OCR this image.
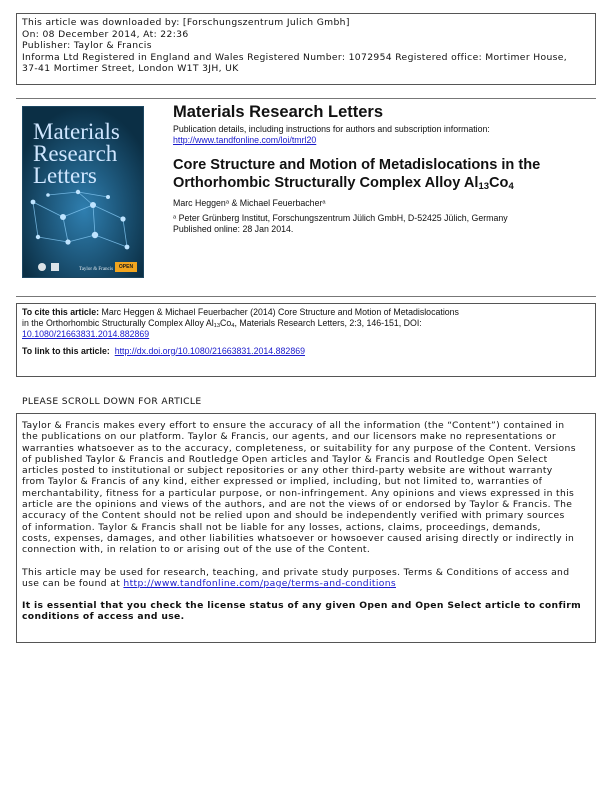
This article was downloaded by: [Forschungszentrum Julich Gmbh]
On: 08 December 2014, At: 22:36
Publisher: Taylor & Francis
Informa Ltd Registered in England and Wales Registered Number: 1072954 Registered office: Mortimer House,
37-41 Mortimer Street, London W1T 3JH, UK
Materials
Research
Letters
Taylor & Francis	OPEN
Materials Research Letters
Publication details, including instructions for authors and subscription information:
http://www.tandfonline.com/loi/tmrl20
Core Structure and Motion of Metadislocations in the
Orthorhombic Structurally Complex Alloy $Al_{13}Co_4$
Marc Heggen$^a$ & Michael Feuerbacher$^a$
$^a$ Peter Grünberg Institut, Forschungszentrum Jülich GmbH, D-52425 Jülich, Germany
Published online: 28 Jan 2014.
To cite this article: Marc Heggen & Michael Feuerbacher (2014) Core Structure and Motion of Metadislocations
in the Orthorhombic Structurally Complex Alloy $Al_{13}Co_4$, Materials Research Letters, 2:3, 146-151, DOI:
10.1080/21663831.2014.882869
To link to this article: http://dx.doi.org/10.1080/21663831.2014.882869
PLEASE SCROLL DOWN FOR ARTICLE
Taylor & Francis makes every effort to ensure the accuracy of all the information (the “Content”) contained in
the publications on our platform. Taylor & Francis, our agents, and our licensors make no representations or
warranties whatsoever as to the accuracy, completeness, or suitability for any purpose of the Content. Versions
of published Taylor & Francis and Routledge Open articles and Taylor & Francis and Routledge Open Select
articles posted to institutional or subject repositories or any other third-party website are without warranty
from Taylor & Francis of any kind, either expressed or implied, including, but not limited to, warranties of
merchantability, fitness for a particular purpose, or non-infringement. Any opinions and views expressed in this
article are the opinions and views of the authors, and are not the views of or endorsed by Taylor & Francis. The
accuracy of the Content should not be relied upon and should be independently verified with primary sources
of information. Taylor & Francis shall not be liable for any losses, actions, claims, proceedings, demands,
costs, expenses, damages, and other liabilities whatsoever or howsoever caused arising directly or indirectly in
connection with, in relation to or arising out of the use of the Content.
This article may be used for research, teaching, and private study purposes. Terms & Conditions of access and
use can be found at http://www.tandfonline.com/page/terms-and-conditions
It is essential that you check the license status of any given Open and Open Select article to confirm
conditions of access and use.
